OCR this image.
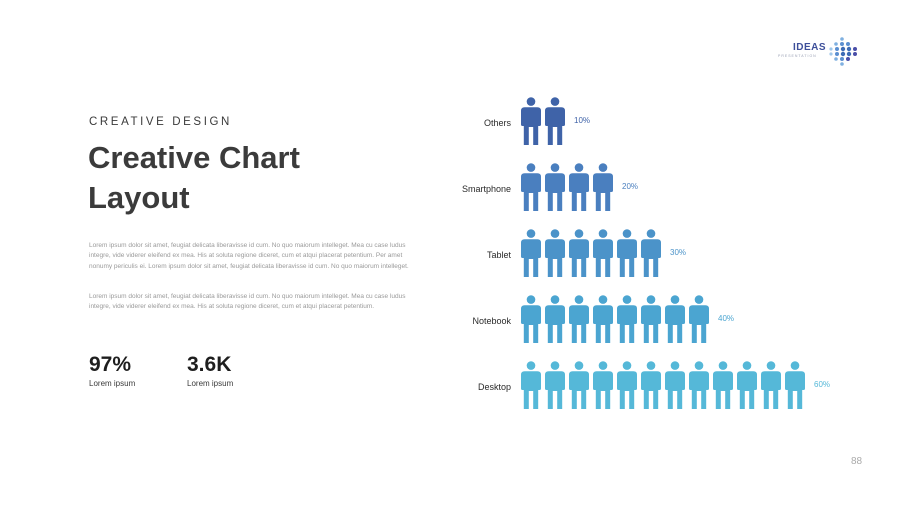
IDEAS
PRESENTATION
CREATIVE DESIGN
Creative Chart Layout

Lorem ipsum dolor sit amet, feugiat delicata liberavisse id cum. No quo maiorum intelleget. Mea cu case ludus integre, vide viderer eleifend ex mea. His at soluta regione diceret, cum et atqui placerat petentium. Per amet nonumy periculis ei. Lorem ipsum dolor sit amet, feugiat delicata liberavisse id cum. No quo maiorum intelleget.

Lorem ipsum dolor sit amet, feugiat delicata liberavisse id cum. No quo maiorum intelleget. Mea cu case ludus integre, vide viderer eleifend ex mea. His at soluta regione diceret, cum et atqui placerat petentium.

97%
Lorem ipsum
3.6K
Lorem ipsum
Others	10%
Smartphone	20%
Tablet	30%
Notebook	40%
Desktop	60%
88
